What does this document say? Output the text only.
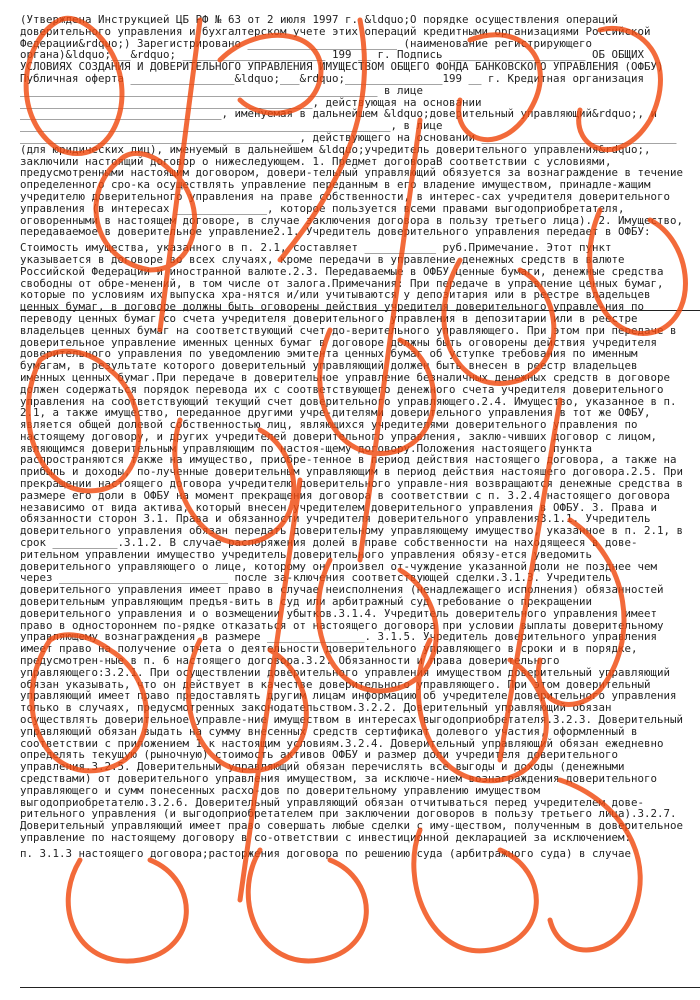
(Утверждена Инструкцией ЦБ РФ № 63 от 2 июля 1997 г. &ldquo;О порядке осуществления операций доверительного управления и бухгалтерском учете этих операций кредитными организациями Российской Федерации&rdquo;) Зарегистрировано _______________________ (наименование регистрирующего органа)&ldquo;___&rdquo; ______________________ 199 __ г. Подпись _____________________ ОБ ОБЩИХ УСЛОВИЯХ СОЗДАНИЯ И ДОВЕРИТЕЛЬНОГО УПРАВЛЕНИЯ ИМУЩЕСТВОМ ОБЩЕГО ФОНДА БАНКОВСКОГО УПРАВЛЕНИЯ (ОФБУ) Публичная оферта ________________&ldquo;___&rdquo;_______________199 __ г. Кредитная организация _______________________________________________________ в лице _____________________________________________, действующая на основании _______________________________, именуемая в дальнейшем &ldquo;доверительный управляющий&rdquo;, и _________________________________________________________, в лице ___________________________________________, действующего на основании ______________________________ (для юридических лиц), именуемый в дальнейшем &ldquo;учредитель доверительного управления&rdquo;, заключили настоящий договор о нижеследующем. 1. Предмет договораВ соответствии с условиями, предусмотренными настоящим договором, довери-тельный управляющий обязуется за вознаграждение в течение определенного сро-ка осуществлять управление переданным в его владение имуществом, принадле-жащим учредителю доверительного управления на праве собственности, в интерес-сах учредителя доверительного управления (в интересах ______________, которое пользуется всеми правами выгодоприобретателя, оговоренными в настоящем договоре, в случае заключения договора в пользу третьего лица). 2. Имущество, передаваемое в доверительное управление2.1. Учредитель доверительного управления передает в ОФБУ:

Стоимость имущества, указанного в п. 2.1, составляет ___________ руб.Примечание. Этот пункт указывается в договоре во всех случаях, кроме передачи в управление денежных средств в валюте Российской Федерации и иностранной валюте.2.3. Передаваемые в ОФБУ ценные бумаги, денежные средства свободны от обре-менений, в том числе от залога.Примечания: При передаче в управление ценных бумаг, которые по условиям их выпуска хра-нятся и/или учитываются у депозитария или в реестре владельцев ценных бумаг, в договоре должны быть оговорены действия учредителя доверительного управле-ния по переводу ценных бумаг со счета учредителя доверительного управления в депозитарии или в реестре владельцев ценных бумаг на соответствующий счет до-верительного управляющего. При этом при передаче в доверительное управление именных ценных бумаг в договоре должны быть оговорены действия учредителя доверительного управления по уведомлению эмитента ценных бумаг об уступке требования по именным бумагам, в результате которого доверительный управляющий должен быть внесен в реестр владельцев именных ценных бумаг.При передаче в доверительное управление безналичных денежных средств в договоре должен содержаться порядок перевода их с соответствующего денежного счета учредителя доверительного управления на соответствующий текущий счет доверительного управляющего.2.4. Имущество, указанное в п. 2.1, а также имущество, переданное другими учре-дителями доверительного управления в тот же ОФБУ, является общей долевой собственностью лиц, являющихся учредителями доверительного управления по настоящему договору, и других учредителей доверительного управления, заклю-чивших договор с лицом, являющимся доверительным управляющим по настоя-щему договору.Положения настоящего пункта распространяются также на имущество, приобре-тенное в период действия настоящего договора, а также на прибыль и доходы, по-лученные доверительным управляющим в период действия настоящего договора.2.5. При прекращении настоящего договора учредителю доверительного управле-ния возвращаются денежные средства в размере его доли в ОФБУ на момент прекращения договора в соответствии с п. 3.2.4 настоящего договора независимо от вида актива, который внесен учредителем доверительного управления в ОФБУ. 3. Права и обязанности сторон 3.1. Права и обязанности учредителя доверительного управления3.1.1. Учредитель доверительного управления обязан передать доверительному управляющему имущество, указанное в п. 2.1, в срок __________.3.1.2. В случае распоряжения долей в праве собственности на находящееся в дове-рительном управлении имущество учредитель доверительного управления обязу-ется уведомить доверительного управляющего о лице, которому он произвел от-чуждение указанной доли не позднее чем через __________________________ после за-ключения соответствующей сделки.3.1.3. Учредитель доверительного управления имеет право в случае неисполнения (ненадлежащего исполнения) обязанностей доверительным управляющим предъя-вить в суд или арбитражный суд требование о прекращении доверительного управления и о возмещении убытков.3.1.4. Учредитель доверительного управления имеет право в одностороннем по-рядке отказаться от настоящего договора при условии выплаты доверительному управляющему вознаграждения в размере _______________. 3.1.5. Учредитель доверительного управления имеет право на получение отчета о деятельности доверительного управляющего в сроки и в порядке, предусмотрен-ные в п. 6 настоящего договора.3.2. Обязанности и права доверительного управляющего:3.2.1. При осуществлении доверительного управления имуществом доверительный управляющий обязан указывать, что он действует в качестве доверительного управляющего. При этом доверительный управляющий имеет право предоставлять другим лицам информацию об учредителе доверительного управления только в случаях, предусмотренных законодательством.3.2.2. Доверительный управляющий обязан осуществлять доверительное управле-ние имуществом в интересах выгодоприобретателя.3.2.3. Доверительный управляющий обязан выдать на сумму внесенных средств сертификат долевого участия, оформленный в соответствии с приложением 1 к настоящим условиям.3.2.4. Доверительный управляющий обязан ежедневно определять текущую (рыночную) стоимость активов ОФБУ и размер доли учредителя доверительного управления.3.2.5. Доверительный управляющий обязан перечислять все выгоды и доходы (денежными средствами) от доверительного управления имуществом, за исключе-нием вознаграждения доверительного управляющего и сумм понесенных расхо-дов по доверительному управлению имуществом выгодоприобретателю.3.2.6. Доверительный управляющий обязан отчитываться перед учредителем дове-рительного управления (и выгодоприобретателем при заключении договоров в пользу третьего лица).3.2.7. Доверительный управляющий имеет право совершать любые сделки с иму-ществом, полученным в доверительное управление по настоящему договору в со-ответствии с инвестиционной декларацией за исключением:

п. 3.1.3 настоящего договора;расторжения договора по решению суда (арбитражного суда) в случае
